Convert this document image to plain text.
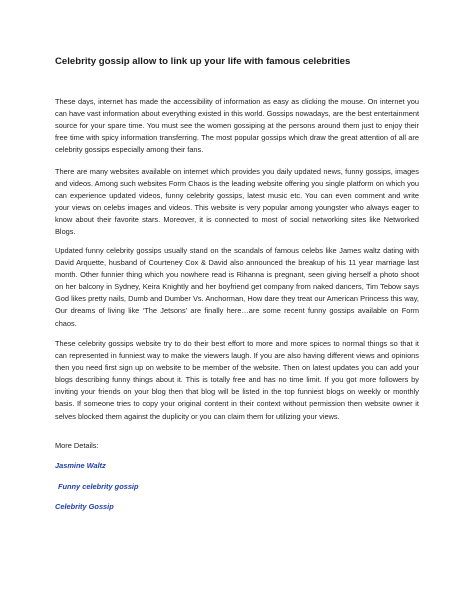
Celebrity gossip allow to link up your life with famous celebrities

These days, internet has made the accessibility of information as easy as clicking the mouse. On internet you can have vast information about everything existed in this world. Gossips nowadays, are the best entertainment source for your spare time. You must see the women gossiping at the persons around them just to enjoy their free time with spicy information transferring. The most popular gossips which draw the great attention of all are celebrity gossips especially among their fans.

There are many websites available on internet which provides you daily updated news, funny gossips, images and videos. Among such websites Form Chaos is the leading website offering you single platform on which you can experience updated videos, funny celebrity gossips, latest music etc. You can even comment and write your views on celebs images and videos. This website is very popular among youngster who always eager to know about their favorite stars. Moreover, it is connected to most of social networking sites like Networked Blogs.

Updated funny celebrity gossips usually stand on the scandals of famous celebs like James waltz dating with David Arquette, husband of Courteney Cox & David also announced the breakup of his 11 year marriage last month. Other funnier thing which you nowhere read is Rihanna is pregnant, seen giving herself a photo shoot on her balcony in Sydney, Keira Knightly and her boyfriend get company from naked dancers, Tim Tebow says God likes pretty nails, Dumb and Dumber Vs. Anchorman, How dare they treat our American Princess this way, Our dreams of living like ‘The Jetsons’ are finally here…are some recent funny gossips available on Form chaos.

These celebrity gossips website try to do their best effort to more and more spices to normal things so that it can represented in funniest way to make the viewers laugh. If you are also having different views and opinions then you need first sign up on website to be member of the website. Then on latest updates you can add your blogs describing funny things about it. This is totally free and has no time limit. If you got more followers by inviting your friends on your blog then that blog will be listed in the top funniest blogs on weekly or monthly basis. If someone tries to copy your original content in their context without permission then website owner it selves blocked them against the duplicity or you can claim them for utilizing your views.

More Details:
Jasmine Waltz
Funny celebrity gossip
Celebrity Gossip
